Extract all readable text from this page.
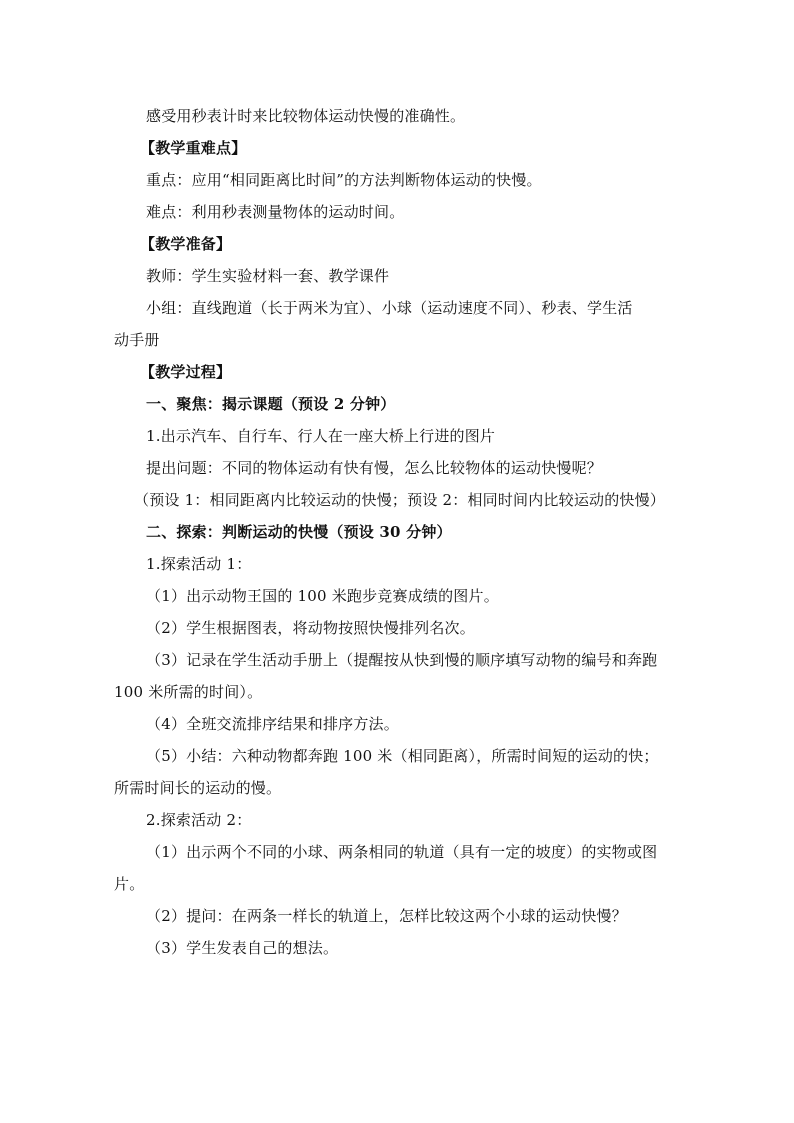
感受用秒表计时来比较物体运动快慢的准确性。
【教学重难点】
重点：应用“相同距离比时间”的方法判断物体运动的快慢。
难点：利用秒表测量物体的运动时间。
【教学准备】
教师：学生实验材料一套、教学课件
小组：直线跑道（长于两米为宜）、小球（运动速度不同）、秒表、学生活
动手册
【教学过程】
一、聚焦：揭示课题（预设 2 分钟）
1.出示汽车、自行车、行人在一座大桥上行进的图片
提出问题：不同的物体运动有快有慢，怎么比较物体的运动快慢呢？
（预设 1：相同距离内比较运动的快慢；预设 2：相同时间内比较运动的快慢）
二、探索：判断运动的快慢（预设 30 分钟）
1.探索活动 1：
（1）出示动物王国的 100 米跑步竞赛成绩的图片。
（2）学生根据图表，将动物按照快慢排列名次。
（3）记录在学生活动手册上（提醒按从快到慢的顺序填写动物的编号和奔跑
100 米所需的时间）。
（4）全班交流排序结果和排序方法。
（5）小结：六种动物都奔跑 100 米（相同距离），所需时间短的运动的快；
所需时间长的运动的慢。
2.探索活动 2：
（1）出示两个不同的小球、两条相同的轨道（具有一定的坡度）的实物或图
片。
（2）提问：在两条一样长的轨道上，怎样比较这两个小球的运动快慢？
（3）学生发表自己的想法。
